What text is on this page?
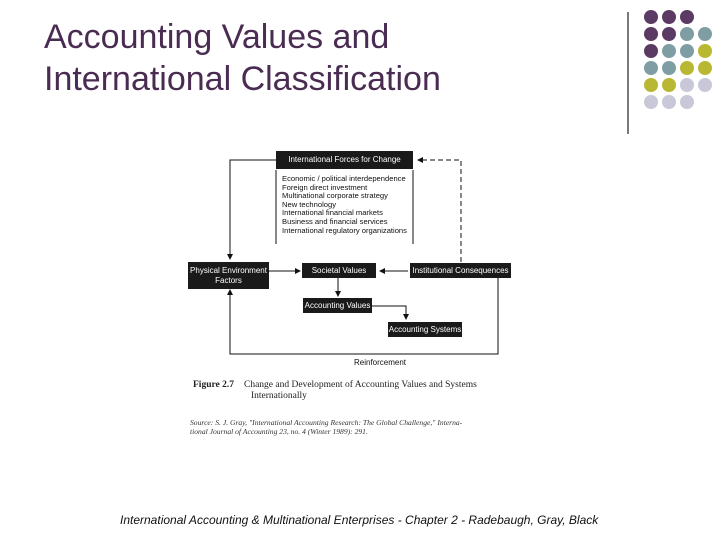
Accounting Values and
International Classification
International Forces for Change
Economic / political interdependence
Foreign direct investment
Multinational corporate strategy
New technology
International financial markets
Business and financial services
International regulatory organizations
Physical Environment
Factors
Societal Values	Institutional Consequences
Accounting Values
Accounting Systems
Reinforcement
Figure 2.7 Change and Development of Accounting Values and Systems
Internationally
Source: S. J. Gray, "International Accounting Research: The Global Challenge," Interna-
tional Journal of Accounting 23, no. 4 (Winter 1989): 291.
International Accounting & Multinational Enterprises - Chapter 2 - Radebaugh, Gray, Black
